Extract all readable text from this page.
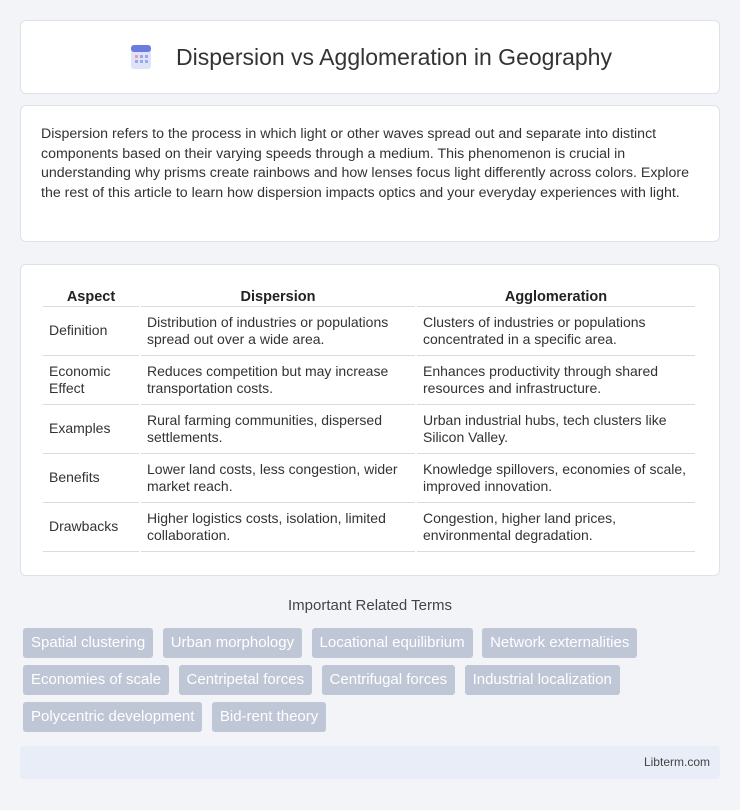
Dispersion vs Agglomeration in Geography

Dispersion refers to the process in which light or other waves spread out and separate into distinct components based on their varying speeds through a medium. This phenomenon is crucial in understanding why prisms create rainbows and how lenses focus light differently across colors. Explore the rest of this article to learn how dispersion impacts optics and your everyday experiences with light.

Aspect	Dispersion	Agglomeration
Definition	Distribution of industries or populations spread out over a wide area.	Clusters of industries or populations concentrated in a specific area.
Economic Effect	Reduces competition but may increase transportation costs.	Enhances productivity through shared resources and infrastructure.
Examples	Rural farming communities, dispersed settlements.	Urban industrial hubs, tech clusters like Silicon Valley.
Benefits	Lower land costs, less congestion, wider market reach.	Knowledge spillovers, economies of scale, improved innovation.
Drawbacks	Higher logistics costs, isolation, limited collaboration.	Congestion, higher land prices, environmental degradation.
Important Related Terms
Spatial clustering Urban morphology Locational equilibrium Network externalities Economies of scale Centripetal forces Centrifugal forces Industrial localization Polycentric development Bid-rent theory
Libterm.com
